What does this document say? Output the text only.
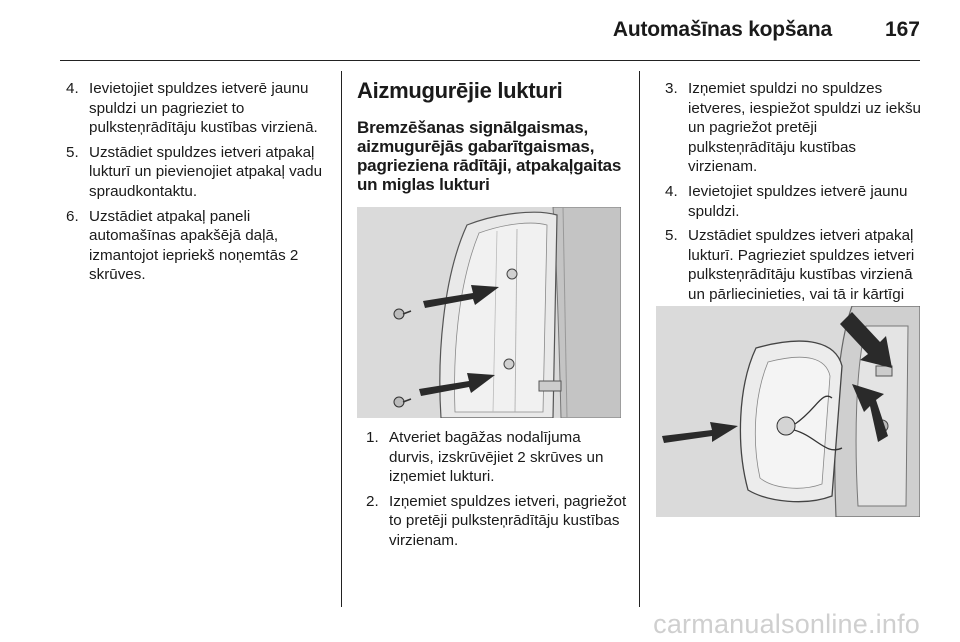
Automašīnas kopšana	167
4. Ievietojiet spuldzes ietverē jaunu spuldzi un pagrieziet to pulksteņrādītāju kustības virzienā.
5. Uzstādiet spuldzes ietveri atpakaļ lukturī un pievienojiet atpakaļ vadu spraudkontaktu.
6. Uzstādiet atpakaļ paneli automašīnas apakšējā daļā, izmantojot iepriekš noņemtās 2 skrūves.
Aizmugurējie lukturi
Bremzēšanas signālgaismas, aizmugurējās gabarītgaismas, pagrieziena rādītāji, atpakaļgaitas un miglas lukturi
1. Atveriet bagāžas nodalījuma durvis, izskrūvējiet 2 skrūves un izņemiet lukturi.
2. Izņemiet spuldzes ietveri, pagriežot to pretēji pulksteņrādītāju kustības virzienam.
3. Izņemiet spuldzi no spuldzes ietveres, iespiežot spuldzi uz iekšu un pagriežot pretēji pulksteņrādītāju kustības virzienam.
4. Ievietojiet spuldzes ietverē jaunu spuldzi.
5. Uzstādiet spuldzes ietveri atpakaļ lukturī. Pagrieziet spuldzes ietveri pulksteņrādītāju kustības virzienā un pārliecinieties, vai tā ir kārtīgi
carmanualsonline.info
